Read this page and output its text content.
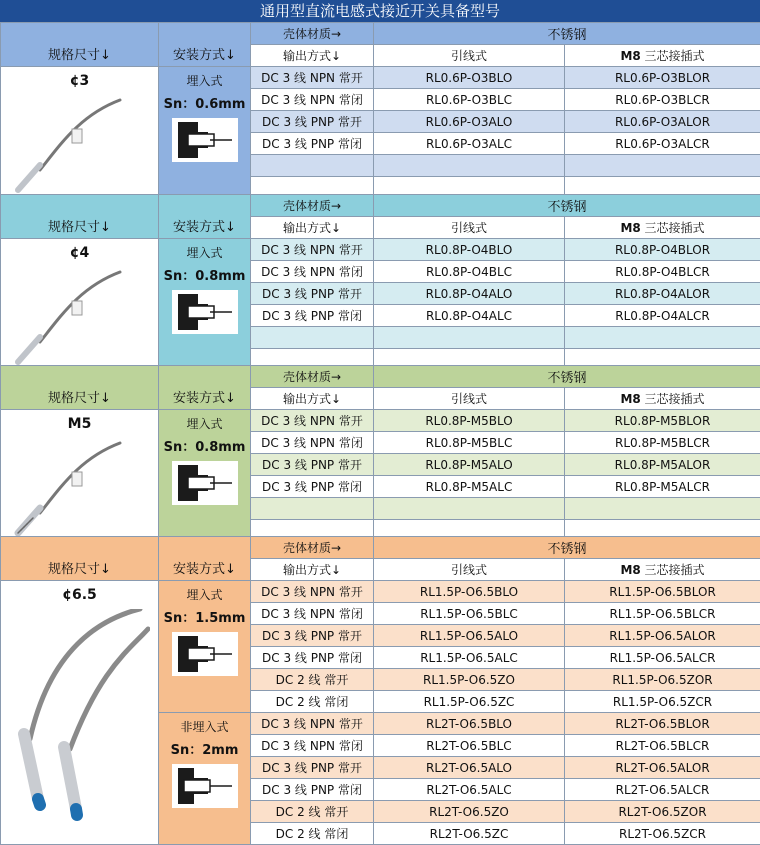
通用型直流电感式接近开关具备型号
规格尺寸↓	安装方式↓	壳体材质→	不锈钢	
		输出方式↓	引线式	M8 三芯接插式

¢3	埋入式
Sn：0.6mm	DC 3 线 NPN 常开	RL0.6P-O3BLO	RL0.6P-O3BLOR
		DC 3 线 NPN 常闭	RL0.6P-O3BLC	RL0.6P-O3BLCR
		DC 3 线 PNP 常开	RL0.6P-O3ALO	RL0.6P-O3ALOR
		DC 3 线 PNP 常闭	RL0.6P-O3ALC	RL0.6P-O3ALCR

规格尺寸↓	安装方式↓	壳体材质→	不锈钢	
		输出方式↓	引线式	M8 三芯接插式

¢4	埋入式
Sn：0.8mm	DC 3 线 NPN 常开	RL0.8P-O4BLO	RL0.8P-O4BLOR
		DC 3 线 NPN 常闭	RL0.8P-O4BLC	RL0.8P-O4BLCR
		DC 3 线 PNP 常开	RL0.8P-O4ALO	RL0.8P-O4ALOR
		DC 3 线 PNP 常闭	RL0.8P-O4ALC	RL0.8P-O4ALCR

规格尺寸↓	安装方式↓	壳体材质→	不锈钢	
		输出方式↓	引线式	M8 三芯接插式

M5	埋入式
Sn：0.8mm	DC 3 线 NPN 常开	RL0.8P-M5BLO	RL0.8P-M5BLOR
		DC 3 线 NPN 常闭	RL0.8P-M5BLC	RL0.8P-M5BLCR
		DC 3 线 PNP 常开	RL0.8P-M5ALO	RL0.8P-M5ALOR
		DC 3 线 PNP 常闭	RL0.8P-M5ALC	RL0.8P-M5ALCR

规格尺寸↓	安装方式↓	壳体材质→	不锈钢	
		输出方式↓	引线式	M8 三芯接插式

¢6.5	埋入式
Sn：1.5mm	DC 3 线 NPN 常开	RL1.5P-O6.5BLO	RL1.5P-O6.5BLOR
		DC 3 线 NPN 常闭	RL1.5P-O6.5BLC	RL1.5P-O6.5BLCR
		DC 3 线 PNP 常开	RL1.5P-O6.5ALO	RL1.5P-O6.5ALOR
		DC 3 线 PNP 常闭	RL1.5P-O6.5ALC	RL1.5P-O6.5ALCR
		DC 2 线 常开	RL1.5P-O6.5ZO	RL1.5P-O6.5ZOR
		DC 2 线 常闭	RL1.5P-O6.5ZC	RL1.5P-O6.5ZCR

	非埋入式
Sn：2mm	DC 3 线 NPN 常开	RL2T-O6.5BLO	RL2T-O6.5BLOR
		DC 3 线 NPN 常闭	RL2T-O6.5BLC	RL2T-O6.5BLCR
		DC 3 线 PNP 常开	RL2T-O6.5ALO	RL2T-O6.5ALOR
		DC 3 线 PNP 常闭	RL2T-O6.5ALC	RL2T-O6.5ALCR
		DC 2 线 常开	RL2T-O6.5ZO	RL2T-O6.5ZOR
		DC 2 线 常闭	RL2T-O6.5ZC	RL2T-O6.5ZCR
